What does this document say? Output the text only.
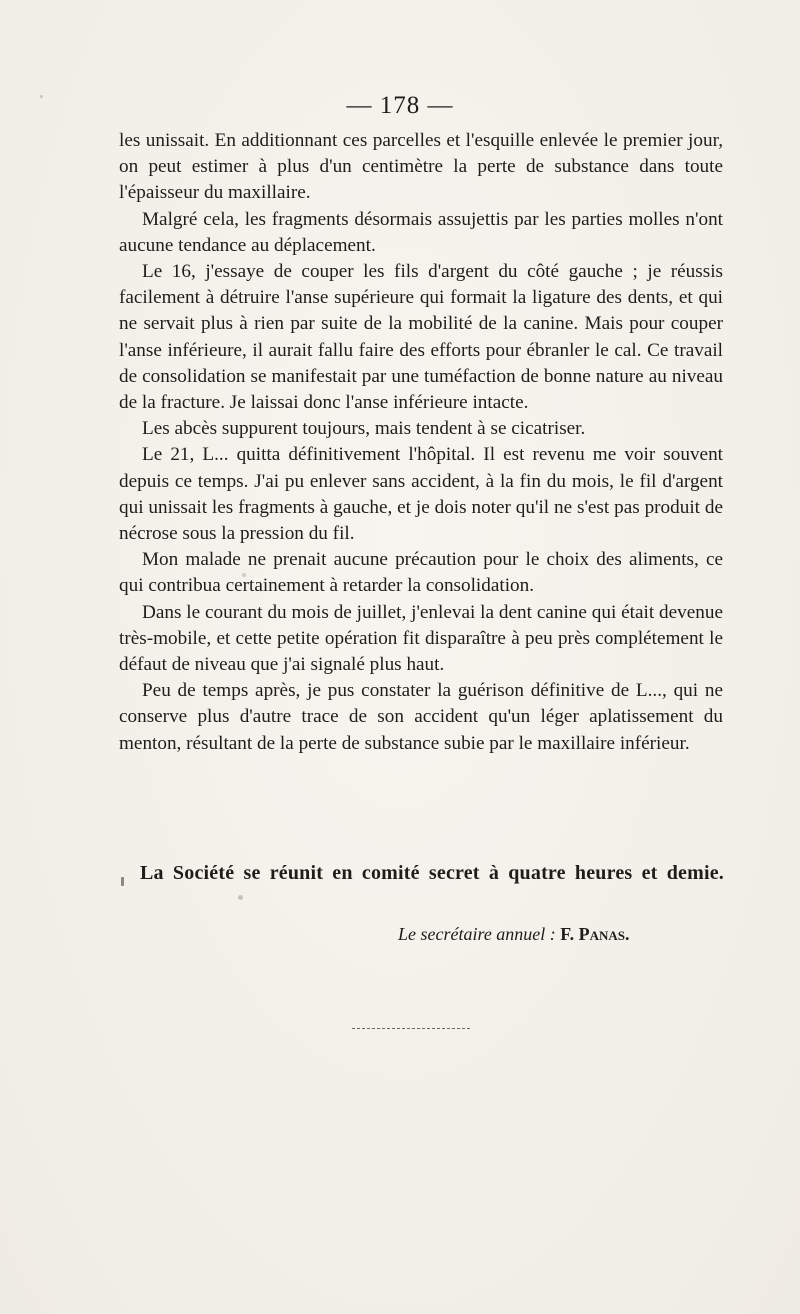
— 178 —

les unissait. En additionnant ces parcelles et l'esquille enlevée le premier jour, on peut estimer à plus d'un centimètre la perte de substance dans toute l'épaisseur du maxillaire.

Malgré cela, les fragments désormais assujettis par les parties molles n'ont aucune tendance au déplacement.

Le 16, j'essaye de couper les fils d'argent du côté gauche ; je réussis facilement à détruire l'anse supérieure qui formait la ligature des dents, et qui ne servait plus à rien par suite de la mobilité de la canine. Mais pour couper l'anse inférieure, il aurait fallu faire des efforts pour ébranler le cal. Ce travail de consolidation se manifestait par une tuméfaction de bonne nature au niveau de la fracture. Je laissai donc l'anse inférieure intacte.

Les abcès suppurent toujours, mais tendent à se cicatriser.

Le 21, L... quitta définitivement l'hôpital. Il est revenu me voir souvent depuis ce temps. J'ai pu enlever sans accident, à la fin du mois, le fil d'argent qui unissait les fragments à gauche, et je dois noter qu'il ne s'est pas produit de nécrose sous la pression du fil.

Mon malade ne prenait aucune précaution pour le choix des aliments, ce qui contribua certainement à retarder la consolidation.

Dans le courant du mois de juillet, j'enlevai la dent canine qui était devenue très-mobile, et cette petite opération fit disparaître à peu près complétement le défaut de niveau que j'ai signalé plus haut.

Peu de temps après, je pus constater la guérison définitive de L..., qui ne conserve plus d'autre trace de son accident qu'un léger aplatissement du menton, résultant de la perte de substance subie par le maxillaire inférieur.

La Société se réunit en comité secret à quatre heures et demie.
Le secrétaire annuel : F. Panas.
